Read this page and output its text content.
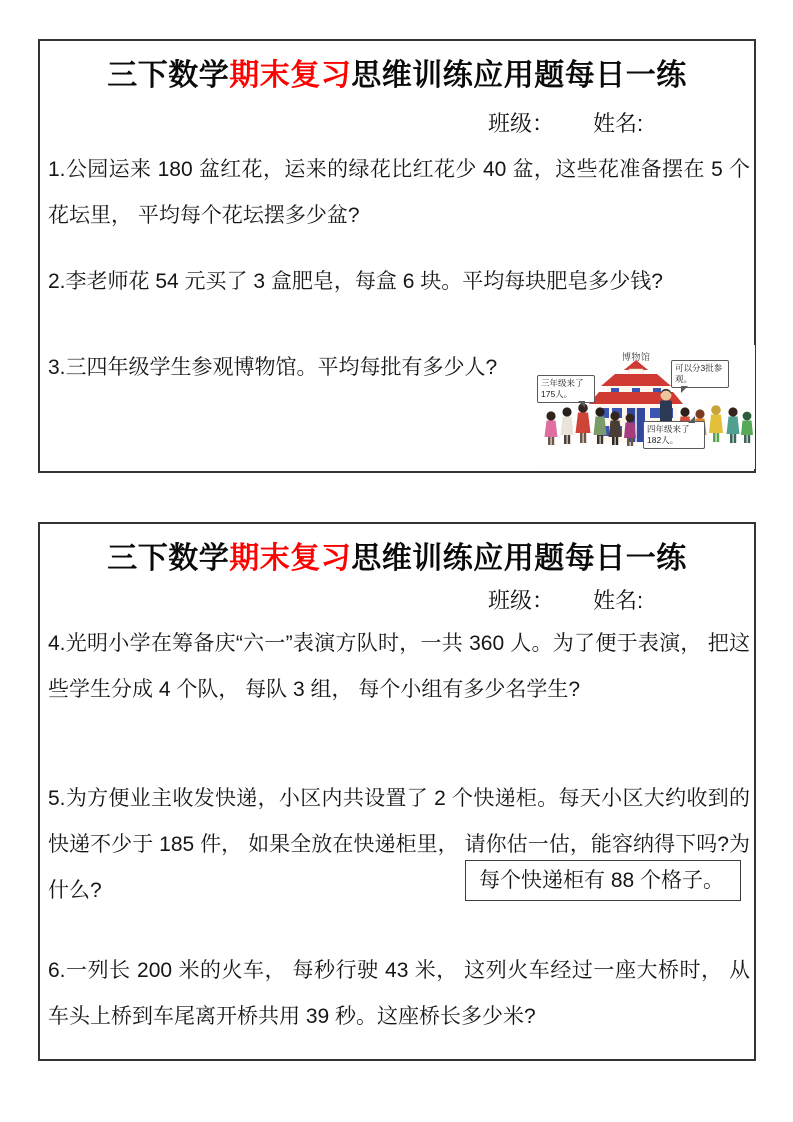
三下数学期末复习思维训练应用题每日一练
班级： 姓名:
1.公园运来 180 盆红花，运来的绿花比红花少 40 盆，这些花准备摆在 5 个花坛里， 平均每个花坛摆多少盆?
2.李老师花 54 元买了 3 盒肥皂，每盒 6 块。平均每块肥皂多少钱?
3.三四年级学生参观博物馆。平均每批有多少人?	博物馆
三年级来了175人。
可以分3批参观。
四年级来了182人。
三下数学期末复习思维训练应用题每日一练
班级： 姓名:
4.光明小学在筹备庆“六一”表演方队时，一共 360 人。为了便于表演， 把这些学生分成 4 个队， 每队 3 组， 每个小组有多少名学生?
5.为方便业主收发快递，小区内共设置了 2 个快递柜。每天小区大约收到的快递不少于 185 件， 如果全放在快递柜里， 请你估一估，能容纳得下吗?为什么?	每个快递柜有 88 个格子。
6.一列长 200 米的火车， 每秒行驶 43 米， 这列火车经过一座大桥时， 从车头上桥到车尾离开桥共用 39 秒。这座桥长多少米?
